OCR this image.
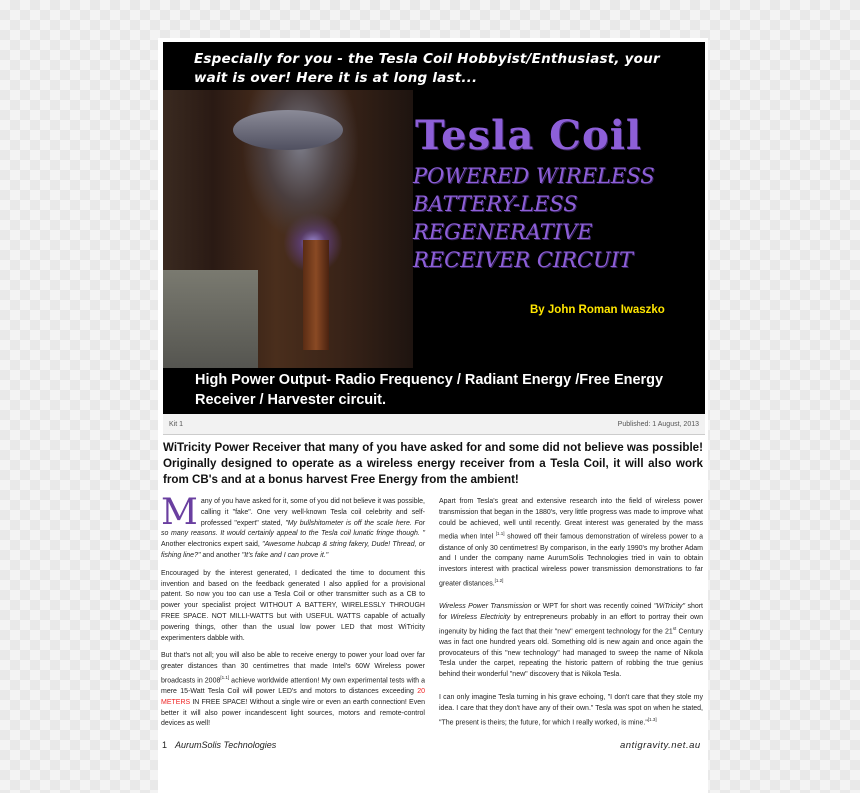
Especially for you - the Tesla Coil Hobbyist/Enthusiast, your wait is over! Here it is at long last...
Tesla Coil
POWERED WIRELESS
BATTERY-LESS
REGENERATIVE
RECEIVER CIRCUIT
By John Roman Iwaszko
High Power Output- Radio Frequency / Radiant Energy /Free Energy Receiver / Harvester circuit.
Kit 1	Published: 1 August, 2013
WiTricity Power Receiver that many of you have asked for and some did not believe was possible! Originally designed to operate as a wireless energy receiver from a Tesla Coil, it will also work from CB's and at a bonus harvest Free Energy from the ambient!

Many of you have asked for it, some of you did not believe it was possible, calling it "fake". One very well-known Tesla coil celebrity and self-professed "expert" stated, "My bullshitometer is off the scale here. For so many reasons. It would certainly appeal to the Tesla coil lunatic fringe though. " Another electronics expert said, "Awesome hubcap & string fakery, Dude! Thread, or fishing line?" and another "It's fake and I can prove it."

Encouraged by the interest generated, I dedicated the time to document this invention and based on the feedback generated I also applied for a provisional patent. So now you too can use a Tesla Coil or other transmitter such as a CB to power your specialist project WITHOUT A BATTERY, WIRELESSLY THROUGH FREE SPACE. NOT MILLI-WATTS but with USEFUL WATTS capable of actually powering things, other than the usual low power LED that most WiTricity experimenters dabble with.

But that's not all; you will also be able to receive energy to power your load over far greater distances than 30 centimetres that made Intel's 60W Wireless power broadcasts in 2008[1.1] achieve worldwide attention! My own experimental tests with a mere 15-Watt Tesla Coil will power LED's and motors to distances exceeding 20 METERS IN FREE SPACE! Without a single wire or even an earth connection! Even better it will also power incandescent light sources, motors and remote-control devices as well!

Apart from Tesla's great and extensive research into the field of wireless power transmission that began in the 1880's, very little progress was made to improve what could be achieved, well until recently. Great interest was generated by the mass media when Intel [1.1] showed off their famous demonstration of wireless power to a distance of only 30 centimetres! By comparison, in the early 1990's my brother Adam and I under the company name AurumSolis Technologies tried in vain to obtain investors interest with practical wireless power transmission demonstrations to far greater distances.[1.2]

Wireless Power Transmission or WPT for short was recently coined "WiTricity" short for Wireless Electricity by entrepreneurs probably in an effort to portray their own ingenuity by hiding the fact that their "new" emergent technology for the 21st Century was in fact one hundred years old. Something old is new again and once again the provocateurs of this "new technology" had managed to sweep the name of Nikola Tesla under the carpet, repeating the historic pattern of robbing the true genius behind their wonderful "new" discovery that is Nikola Tesla.

I can only imagine Tesla turning in his grave echoing, "I don't care that they stole my idea. I care that they don't have any of their own." Tesla was spot on when he stated, "The present is theirs; the future, for which I really worked, is mine."[1.3]

1 AurumSolis Technologies	antigravity.net.au
